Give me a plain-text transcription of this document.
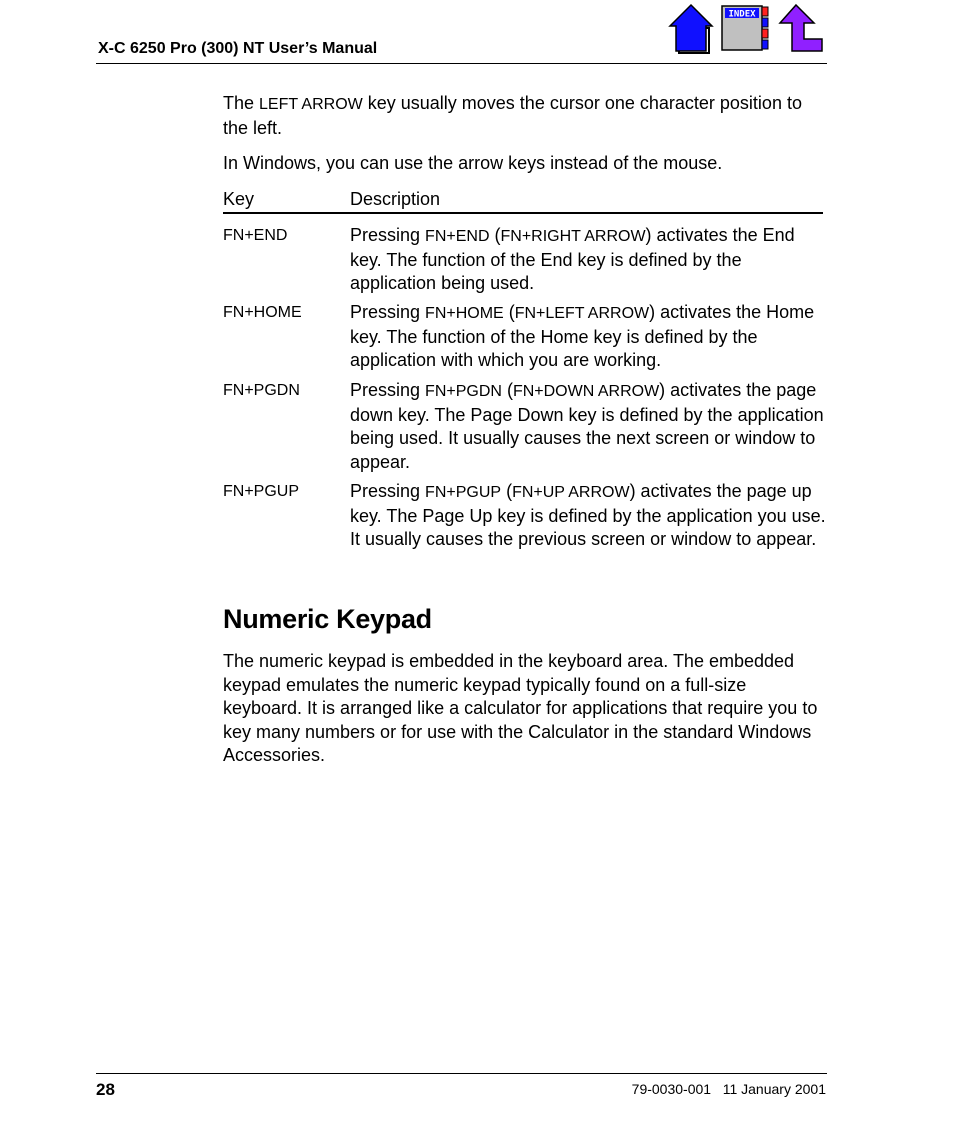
X-C 6250 Pro (300) NT User’s Manual
INDEX

The LEFT ARROW key usually moves the cursor one character position to the left.

In Windows, you can use the arrow keys instead of the mouse.

Key	Description
FN+END	Pressing FN+END (FN+RIGHT ARROW) activates the End key. The function of the End key is defined by the application being used.
FN+HOME	Pressing FN+HOME (FN+LEFT ARROW) activates the Home key. The function of the Home key is defined by the application with which you are working.
FN+PGDN	Pressing FN+PGDN (FN+DOWN ARROW) activates the page down key. The Page Down key is defined by the application being used. It usually causes the next screen or window to appear.
FN+PGUP	Pressing FN+PGUP (FN+UP ARROW) activates the page up key. The Page Up key is defined by the application you use. It usually causes the previous screen or window to appear.
Numeric Keypad

The numeric keypad is embedded in the keyboard area. The embedded keypad emulates the numeric keypad typically found on a full-size keyboard. It is arranged like a calculator for applications that require you to key many numbers or for use with the Calculator in the standard Windows Accessories.

28	79-0030-001   11 January 2001
